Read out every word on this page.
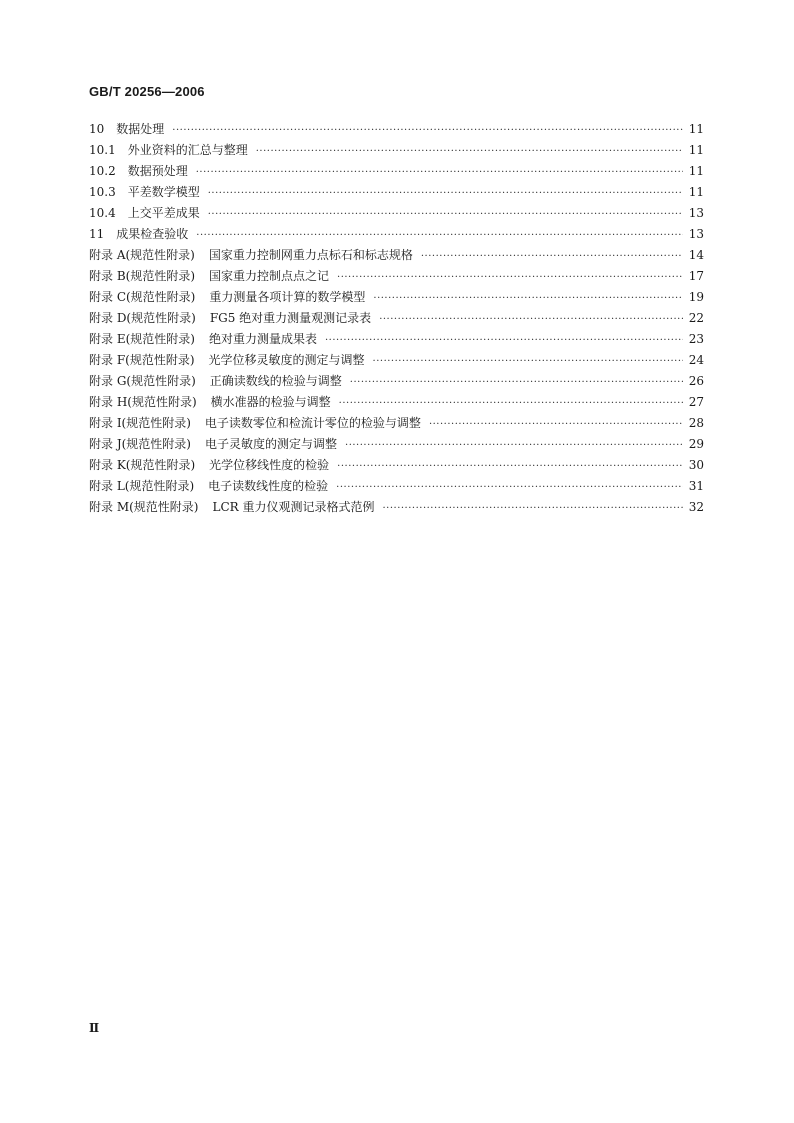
GB/T 20256—2006
10 数据处理 ·····	11
10.1 外业资料的汇总与整理 ·····	11
10.2 数据预处理 ·····	11
10.3 平差数学模型 ·····	11
10.4 上交平差成果 ·····	13
11 成果检查验收 ·····	13
附录 A(规范性附录) 国家重力控制网重力点标石和标志规格 ·····	14
附录 B(规范性附录) 国家重力控制点点之记 ·····	17
附录 C(规范性附录) 重力测量各项计算的数学模型 ·····	19
附录 D(规范性附录) FG5 绝对重力测量观测记录表 ·····	22
附录 E(规范性附录) 绝对重力测量成果表 ·····	23
附录 F(规范性附录) 光学位移灵敏度的测定与调整 ·····	24
附录 G(规范性附录) 正确读数线的检验与调整 ·····	26
附录 H(规范性附录) 横水准器的检验与调整 ·····	27
附录 I(规范性附录) 电子读数零位和检流计零位的检验与调整 ·····	28
附录 J(规范性附录) 电子灵敏度的测定与调整 ·····	29
附录 K(规范性附录) 光学位移线性度的检验 ·····	30
附录 L(规范性附录) 电子读数线性度的检验 ·····	31
附录 M(规范性附录) LCR 重力仪观测记录格式范例 ·····	32
Ⅱ
